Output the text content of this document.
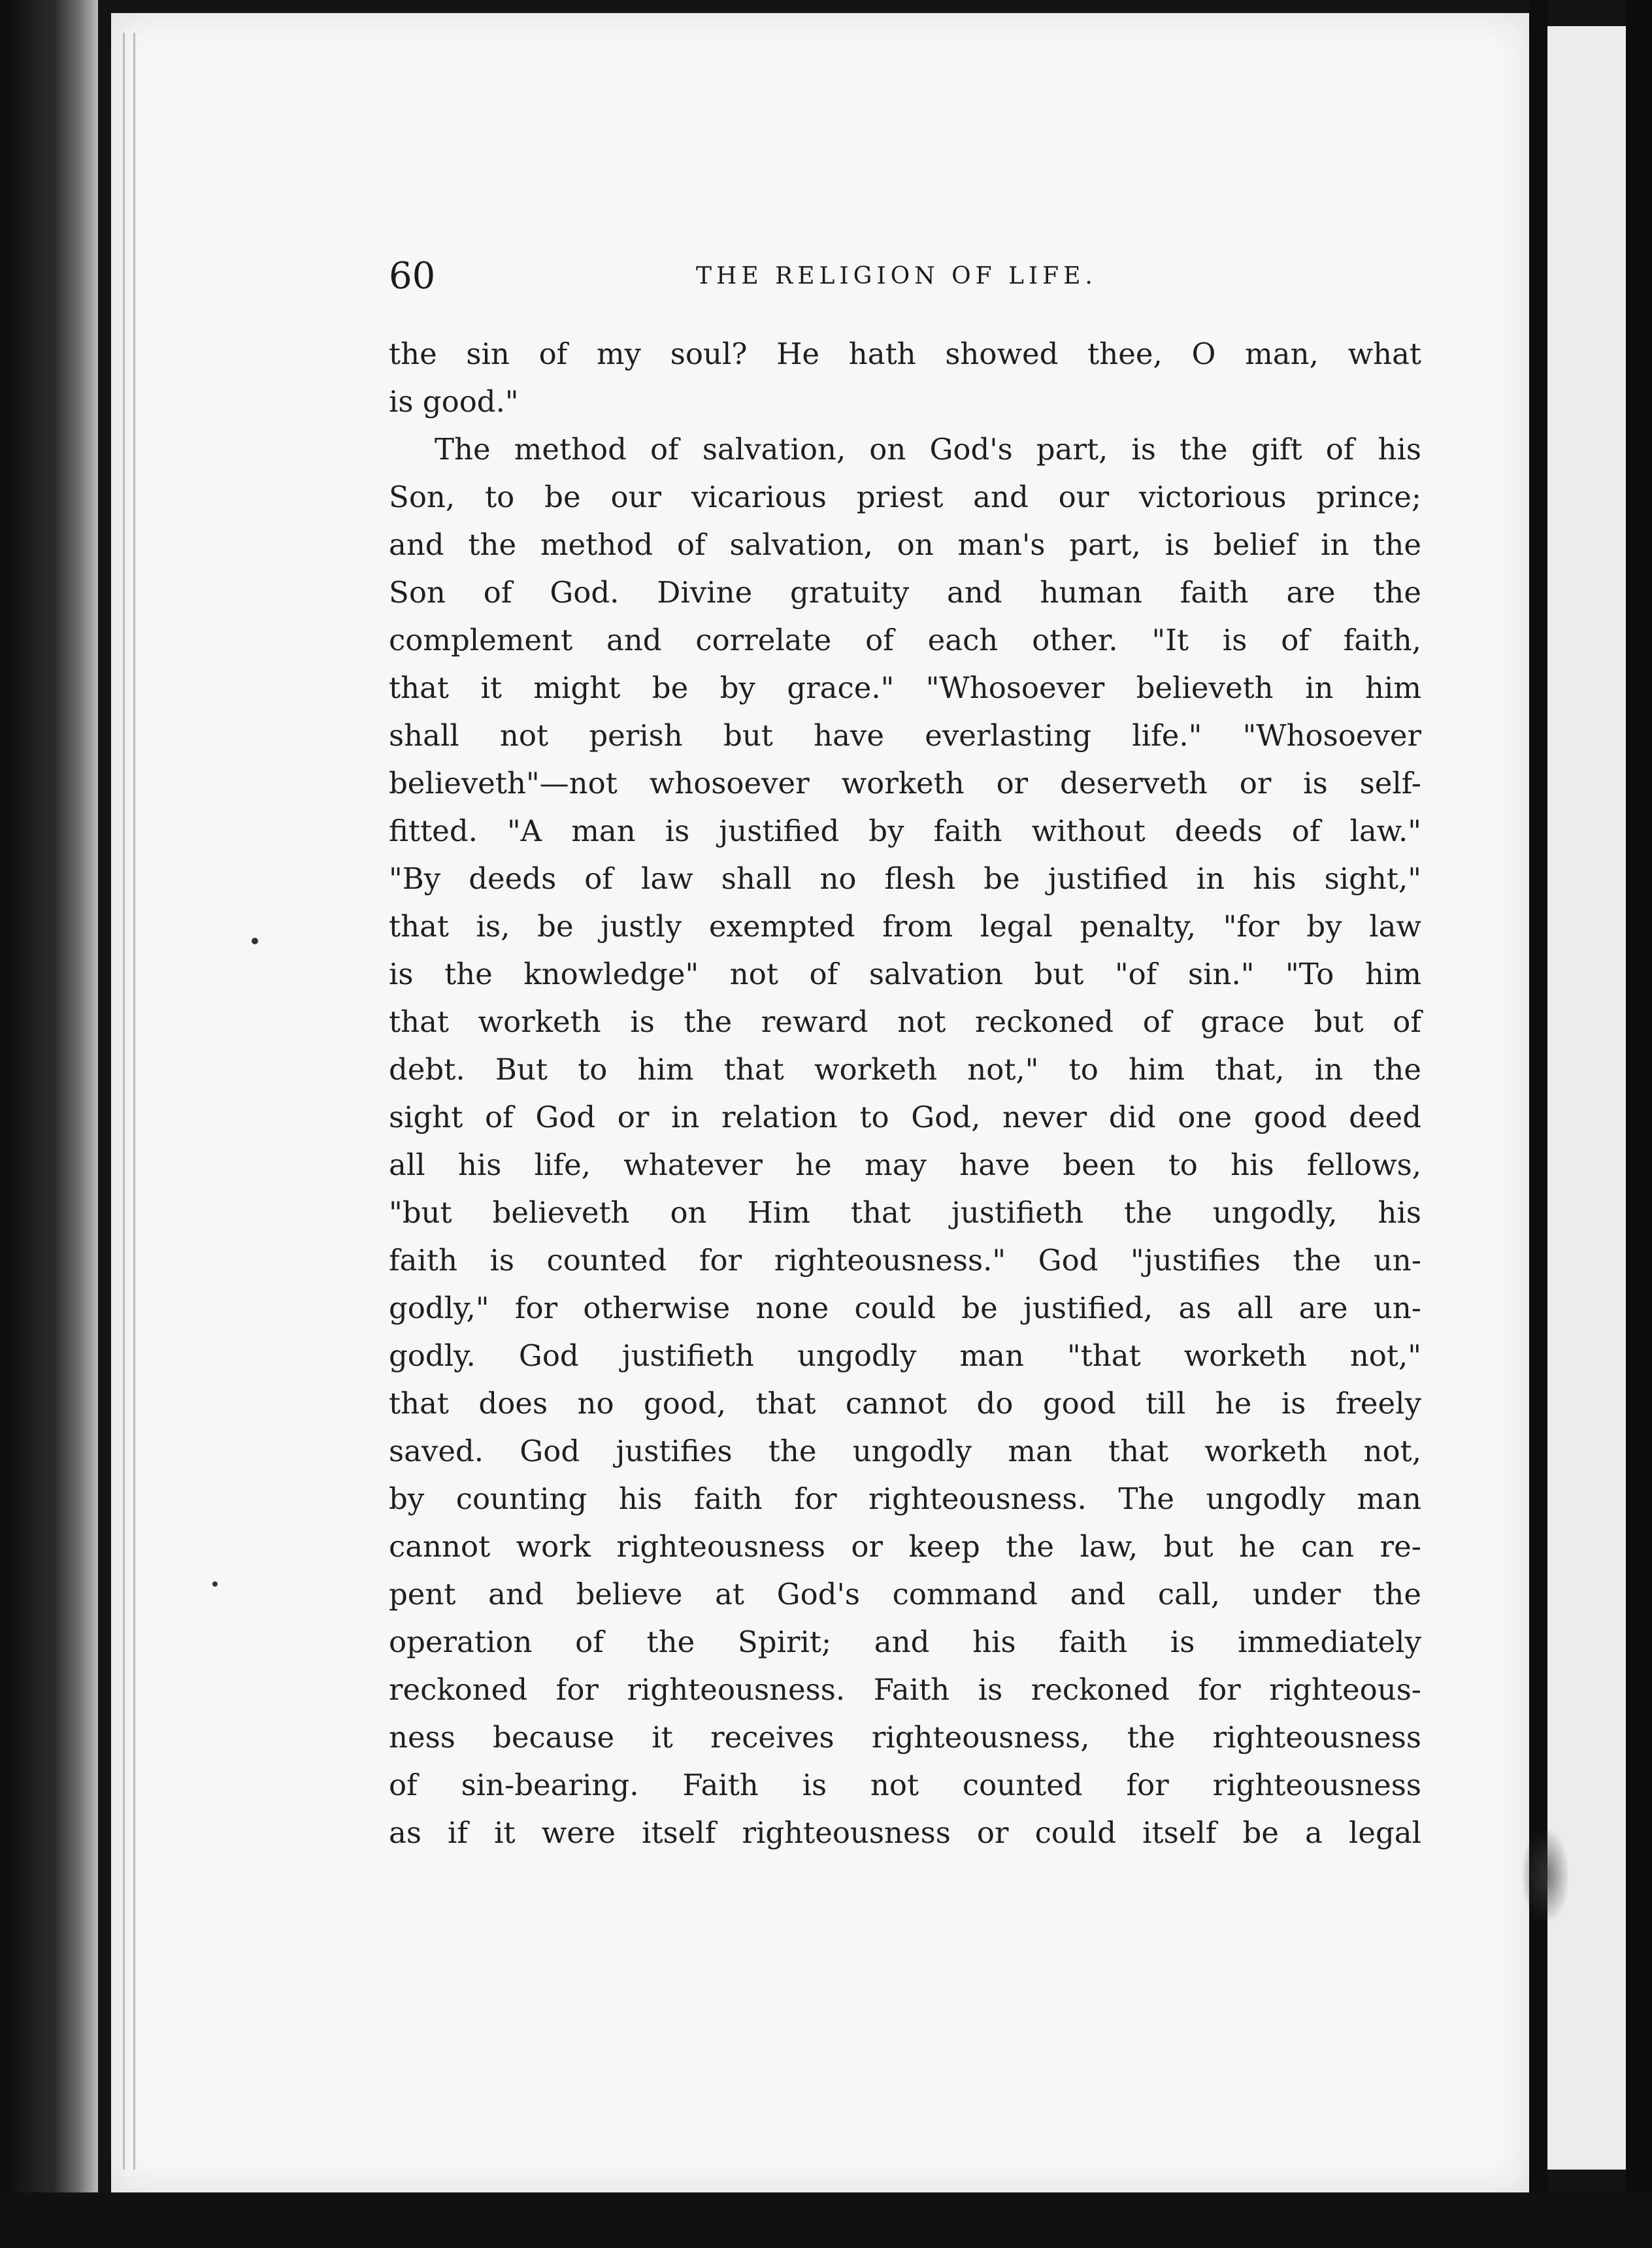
60	THE RELIGION OF LIFE.
the sin of my soul? He hath showed thee, O man, what
is good."
The method of salvation, on God's part, is the gift of his
Son, to be our vicarious priest and our victorious prince;
and the method of salvation, on man's part, is belief in the
Son of God. Divine gratuity and human faith are the
complement and correlate of each other. "It is of faith,
that it might be by grace." "Whosoever believeth in him
shall not perish but have everlasting life." "Whosoever
believeth"—not whosoever worketh or deserveth or is self-
fitted. "A man is justified by faith without deeds of law."
"By deeds of law shall no flesh be justified in his sight,"
that is, be justly exempted from legal penalty, "for by law
is the knowledge" not of salvation but "of sin." "To him
that worketh is the reward not reckoned of grace but of
debt. But to him that worketh not," to him that, in the
sight of God or in relation to God, never did one good deed
all his life, whatever he may have been to his fellows,
"but believeth on Him that justifieth the ungodly, his
faith is counted for righteousness." God "justifies the un-
godly," for otherwise none could be justified, as all are un-
godly. God justifieth ungodly man "that worketh not,"
that does no good, that cannot do good till he is freely
saved. God justifies the ungodly man that worketh not,
by counting his faith for righteousness. The ungodly man
cannot work righteousness or keep the law, but he can re-
pent and believe at God's command and call, under the
operation of the Spirit; and his faith is immediately
reckoned for righteousness. Faith is reckoned for righteous-
ness because it receives righteousness, the righteousness
of sin-bearing. Faith is not counted for righteousness
as if it were itself righteousness or could itself be a legal
